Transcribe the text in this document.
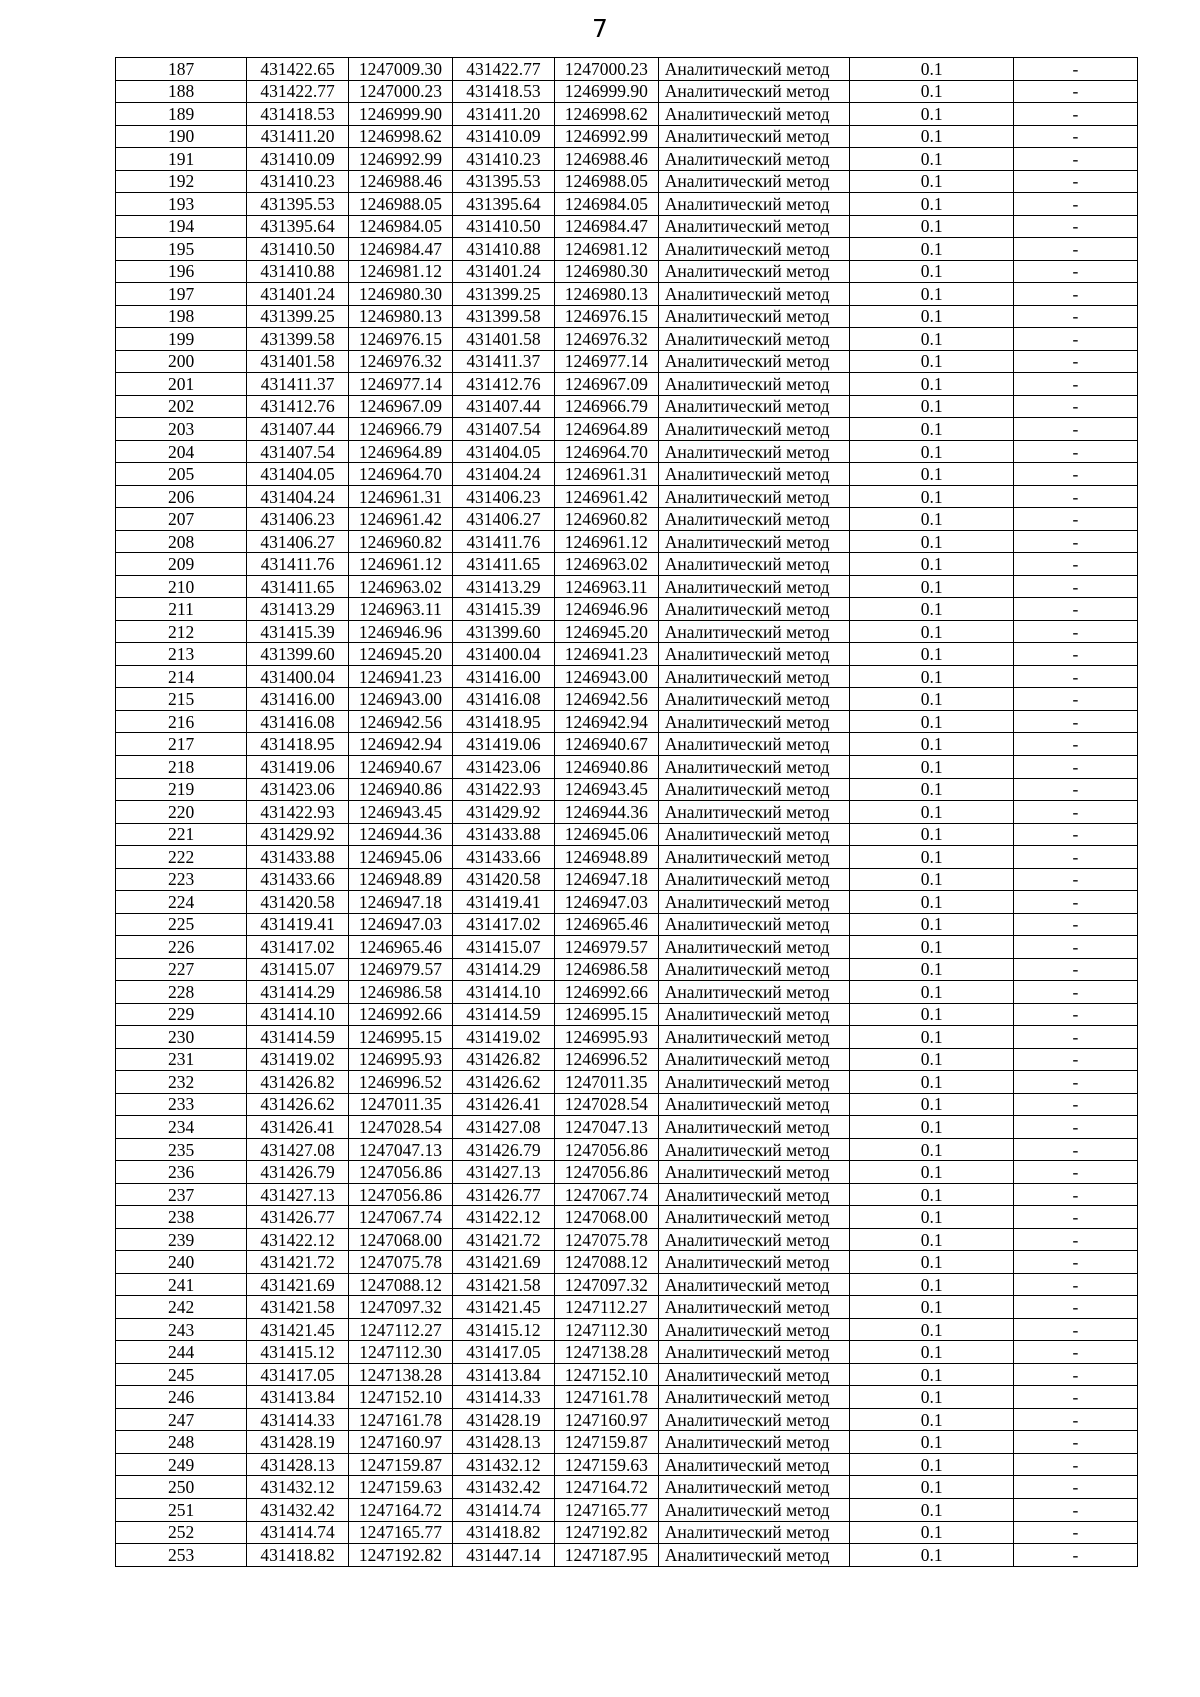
7
187	431422.65	1247009.30	431422.77	1247000.23	Аналитический метод	0.1	-
188	431422.77	1247000.23	431418.53	1246999.90	Аналитический метод	0.1	-
189	431418.53	1246999.90	431411.20	1246998.62	Аналитический метод	0.1	-
190	431411.20	1246998.62	431410.09	1246992.99	Аналитический метод	0.1	-
191	431410.09	1246992.99	431410.23	1246988.46	Аналитический метод	0.1	-
192	431410.23	1246988.46	431395.53	1246988.05	Аналитический метод	0.1	-
193	431395.53	1246988.05	431395.64	1246984.05	Аналитический метод	0.1	-
194	431395.64	1246984.05	431410.50	1246984.47	Аналитический метод	0.1	-
195	431410.50	1246984.47	431410.88	1246981.12	Аналитический метод	0.1	-
196	431410.88	1246981.12	431401.24	1246980.30	Аналитический метод	0.1	-
197	431401.24	1246980.30	431399.25	1246980.13	Аналитический метод	0.1	-
198	431399.25	1246980.13	431399.58	1246976.15	Аналитический метод	0.1	-
199	431399.58	1246976.15	431401.58	1246976.32	Аналитический метод	0.1	-
200	431401.58	1246976.32	431411.37	1246977.14	Аналитический метод	0.1	-
201	431411.37	1246977.14	431412.76	1246967.09	Аналитический метод	0.1	-
202	431412.76	1246967.09	431407.44	1246966.79	Аналитический метод	0.1	-
203	431407.44	1246966.79	431407.54	1246964.89	Аналитический метод	0.1	-
204	431407.54	1246964.89	431404.05	1246964.70	Аналитический метод	0.1	-
205	431404.05	1246964.70	431404.24	1246961.31	Аналитический метод	0.1	-
206	431404.24	1246961.31	431406.23	1246961.42	Аналитический метод	0.1	-
207	431406.23	1246961.42	431406.27	1246960.82	Аналитический метод	0.1	-
208	431406.27	1246960.82	431411.76	1246961.12	Аналитический метод	0.1	-
209	431411.76	1246961.12	431411.65	1246963.02	Аналитический метод	0.1	-
210	431411.65	1246963.02	431413.29	1246963.11	Аналитический метод	0.1	-
211	431413.29	1246963.11	431415.39	1246946.96	Аналитический метод	0.1	-
212	431415.39	1246946.96	431399.60	1246945.20	Аналитический метод	0.1	-
213	431399.60	1246945.20	431400.04	1246941.23	Аналитический метод	0.1	-
214	431400.04	1246941.23	431416.00	1246943.00	Аналитический метод	0.1	-
215	431416.00	1246943.00	431416.08	1246942.56	Аналитический метод	0.1	-
216	431416.08	1246942.56	431418.95	1246942.94	Аналитический метод	0.1	-
217	431418.95	1246942.94	431419.06	1246940.67	Аналитический метод	0.1	-
218	431419.06	1246940.67	431423.06	1246940.86	Аналитический метод	0.1	-
219	431423.06	1246940.86	431422.93	1246943.45	Аналитический метод	0.1	-
220	431422.93	1246943.45	431429.92	1246944.36	Аналитический метод	0.1	-
221	431429.92	1246944.36	431433.88	1246945.06	Аналитический метод	0.1	-
222	431433.88	1246945.06	431433.66	1246948.89	Аналитический метод	0.1	-
223	431433.66	1246948.89	431420.58	1246947.18	Аналитический метод	0.1	-
224	431420.58	1246947.18	431419.41	1246947.03	Аналитический метод	0.1	-
225	431419.41	1246947.03	431417.02	1246965.46	Аналитический метод	0.1	-
226	431417.02	1246965.46	431415.07	1246979.57	Аналитический метод	0.1	-
227	431415.07	1246979.57	431414.29	1246986.58	Аналитический метод	0.1	-
228	431414.29	1246986.58	431414.10	1246992.66	Аналитический метод	0.1	-
229	431414.10	1246992.66	431414.59	1246995.15	Аналитический метод	0.1	-
230	431414.59	1246995.15	431419.02	1246995.93	Аналитический метод	0.1	-
231	431419.02	1246995.93	431426.82	1246996.52	Аналитический метод	0.1	-
232	431426.82	1246996.52	431426.62	1247011.35	Аналитический метод	0.1	-
233	431426.62	1247011.35	431426.41	1247028.54	Аналитический метод	0.1	-
234	431426.41	1247028.54	431427.08	1247047.13	Аналитический метод	0.1	-
235	431427.08	1247047.13	431426.79	1247056.86	Аналитический метод	0.1	-
236	431426.79	1247056.86	431427.13	1247056.86	Аналитический метод	0.1	-
237	431427.13	1247056.86	431426.77	1247067.74	Аналитический метод	0.1	-
238	431426.77	1247067.74	431422.12	1247068.00	Аналитический метод	0.1	-
239	431422.12	1247068.00	431421.72	1247075.78	Аналитический метод	0.1	-
240	431421.72	1247075.78	431421.69	1247088.12	Аналитический метод	0.1	-
241	431421.69	1247088.12	431421.58	1247097.32	Аналитический метод	0.1	-
242	431421.58	1247097.32	431421.45	1247112.27	Аналитический метод	0.1	-
243	431421.45	1247112.27	431415.12	1247112.30	Аналитический метод	0.1	-
244	431415.12	1247112.30	431417.05	1247138.28	Аналитический метод	0.1	-
245	431417.05	1247138.28	431413.84	1247152.10	Аналитический метод	0.1	-
246	431413.84	1247152.10	431414.33	1247161.78	Аналитический метод	0.1	-
247	431414.33	1247161.78	431428.19	1247160.97	Аналитический метод	0.1	-
248	431428.19	1247160.97	431428.13	1247159.87	Аналитический метод	0.1	-
249	431428.13	1247159.87	431432.12	1247159.63	Аналитический метод	0.1	-
250	431432.12	1247159.63	431432.42	1247164.72	Аналитический метод	0.1	-
251	431432.42	1247164.72	431414.74	1247165.77	Аналитический метод	0.1	-
252	431414.74	1247165.77	431418.82	1247192.82	Аналитический метод	0.1	-
253	431418.82	1247192.82	431447.14	1247187.95	Аналитический метод	0.1	-
